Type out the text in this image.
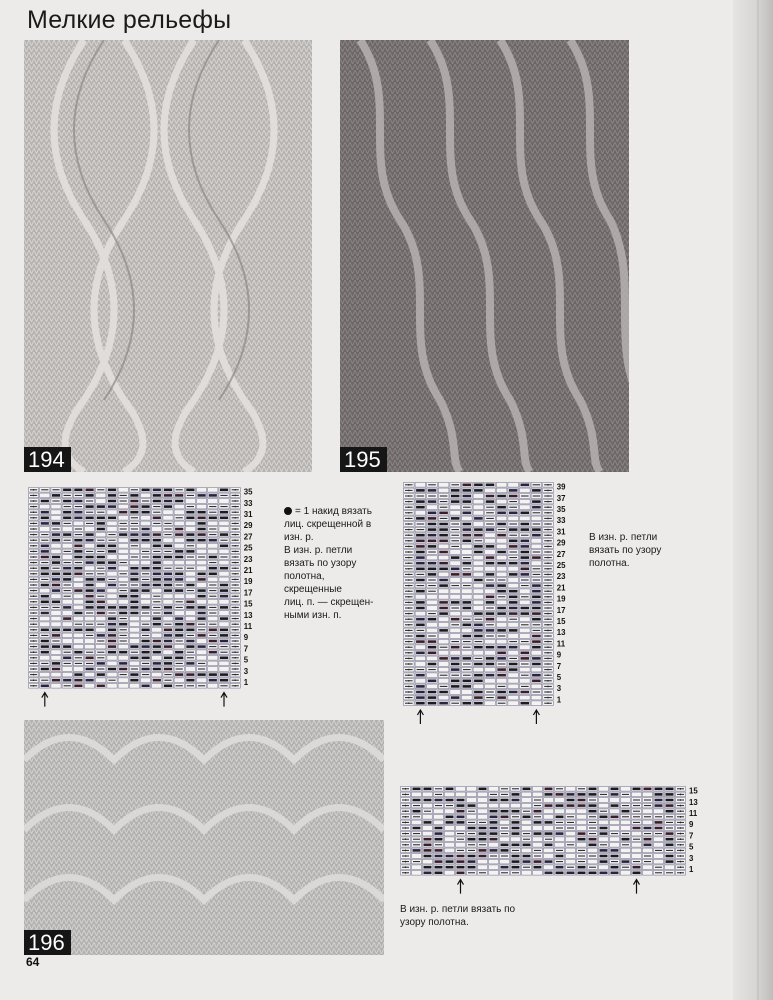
Мелкие рельефы
194	195
196
35
33
31
29
27
25
23
21
19
17
15
13
11
9
7
5
3
1
= 1 накид вязать
лиц. скрещенной в
изн. р.
В изн. р. петли
вязать по узору
полотна,
скрещенные
лиц. п. — скрещен-
ными изн. п.
39
37
35
33
31
29
27
25
23
21
19
17
15
13
11
9
7
5
3
1
В изн. р. петли
вязать по узору
полотна.
15
13
11
9
7
5
3
1
В изн. р. петли вязать по
узору полотна.
64
